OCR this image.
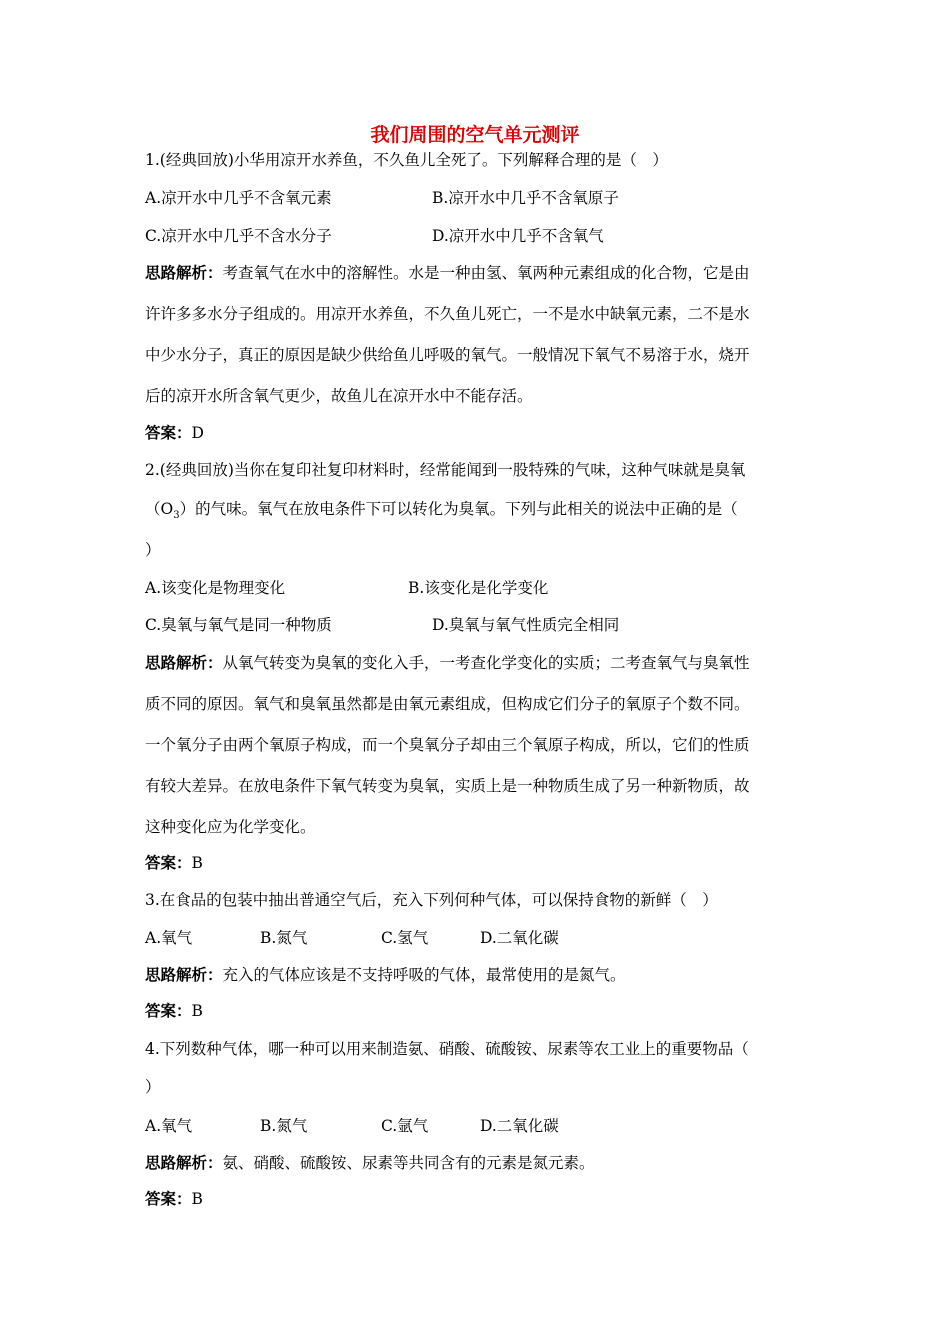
我们周围的空气单元测评
1.(经典回放)小华用凉开水养鱼，不久鱼儿全死了。下列解释合理的是（　）
A.凉开水中几乎不含氧元素	B.凉开水中几乎不含氧原子
C.凉开水中几乎不含水分子	D.凉开水中几乎不含氧气
思路解析：考查氧气在水中的溶解性。水是一种由氢、氧两种元素组成的化合物，它是由
许许多多水分子组成的。用凉开水养鱼，不久鱼儿死亡，一不是水中缺氧元素，二不是水
中少水分子，真正的原因是缺少供给鱼儿呼吸的氧气。一般情况下氧气不易溶于水，烧开
后的凉开水所含氧气更少，故鱼儿在凉开水中不能存活。
答案：D
2.(经典回放)当你在复印社复印材料时，经常能闻到一股特殊的气味，这种气味就是臭氧
$(O_3)$的气味。氧气在放电条件下可以转化为臭氧。下列与此相关的说法中正确的是（
）
A.该变化是物理变化	B.该变化是化学变化
C.臭氧与氧气是同一种物质	D.臭氧与氧气性质完全相同
思路解析：从氧气转变为臭氧的变化入手，一考查化学变化的实质；二考查氧气与臭氧性
质不同的原因。氧气和臭氧虽然都是由氧元素组成，但构成它们分子的氧原子个数不同。
一个氧分子由两个氧原子构成，而一个臭氧分子却由三个氧原子构成，所以，它们的性质
有较大差异。在放电条件下氧气转变为臭氧，实质上是一种物质生成了另一种新物质，故
这种变化应为化学变化。
答案：B
3.在食品的包装中抽出普通空气后，充入下列何种气体，可以保持食物的新鲜（　）
A.氧气	B.氮气	C.氢气	D.二氧化碳
思路解析：充入的气体应该是不支持呼吸的气体，最常使用的是氮气。
答案：B
4.下列数种气体，哪一种可以用来制造氨、硝酸、硫酸铵、尿素等农工业上的重要物品（
）
A.氧气	B.氮气	C.氩气	D.二氧化碳
思路解析：氨、硝酸、硫酸铵、尿素等共同含有的元素是氮元素。
答案：B
